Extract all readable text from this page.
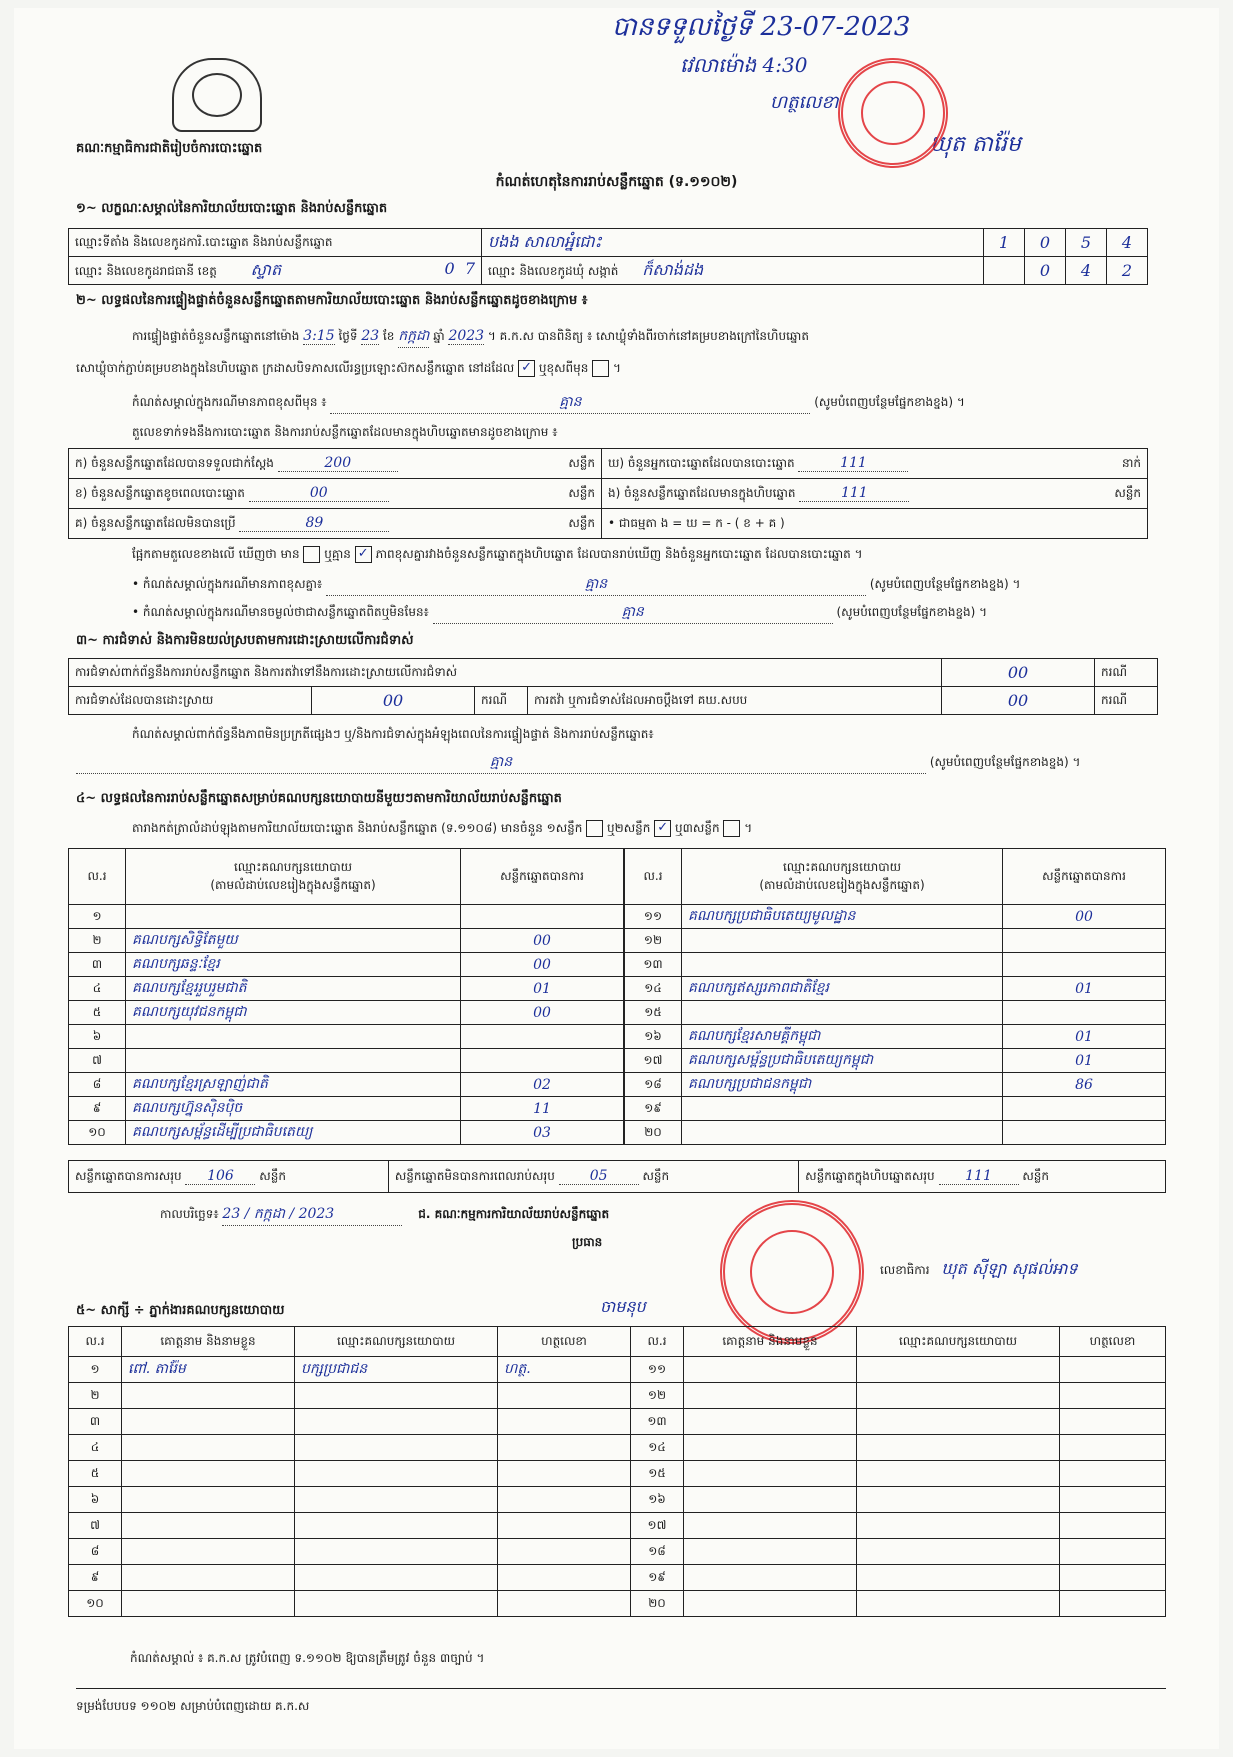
បានទទួលថ្ងៃទី 23-07-2023
វេលាម៉ោង 4:30
ហត្ថលេខា
ឃុត តារ៉ែម
គណៈកម្មាធិការជាតិរៀបចំការបោះឆ្នោត
កំណត់ហេតុនៃការរាប់សន្លឹកឆ្នោត (ទ.១១០២)
១~ លក្ខណៈសម្គាល់នៃការិយាល័យបោះឆ្នោត និងរាប់សន្លឹកឆ្នោត
ឈ្មោះទីតាំង និងលេខកូដការិ.បោះឆ្នោត និងរាប់សន្លឹកឆ្នោត	បងង សាលាអ្នំជោះ	1	0	5	4
ឈ្មោះ និងលេខកូដរាជធានី ខេត្ត ស្ទាត 0 7	ឈ្មោះ និងលេខកូដឃុំ សង្កាត់ ក៏សាង់ដង		0	4	2
២~ លទ្ធផលនៃការផ្ទៀងផ្ទាត់ចំនួនសន្លឹកឆ្នោតតាមការិយាល័យបោះឆ្នោត និងរាប់សន្លឹកឆ្នោតដូចខាងក្រោម ៖
ការផ្ទៀងផ្ទាត់ចំនួនសន្លឹកឆ្នោតនៅម៉ោង 3:15 ថ្ងៃទី 23 ខែ កក្កដា ឆ្នាំ 2023 ។ គ.ក.ស បានពិនិត្យ ៖ សោឃ្លុំទាំងពីរចាក់នៅគម្របខាងក្រៅនៃហិបឆ្នោត
សោឃ្លុំចាក់ភ្ជាប់គម្របខាងក្នុងនៃហិបឆ្នោត ក្រដាសបិទភាសលើរន្ធប្រឡោះស៊កសន្លឹកឆ្នោត នៅដដែល ✓ ឬខុសពីមុន ។
កំណត់សម្គាល់ក្នុងករណីមានភាពខុសពីមុន ៖	គ្មាន	(សូមបំពេញបន្ថែមផ្នែកខាងខ្នង) ។
តួលេខទាក់ទងនឹងការបោះឆ្នោត និងការរាប់សន្លឹកឆ្នោតដែលមានក្នុងហិបឆ្នោតមានដូចខាងក្រោម ៖
ក) ចំនួនសន្លឹកឆ្នោតដែលបានទទួលជាក់ស្តែង 200 សន្លឹក	ឃ) ចំនួនអ្នកបោះឆ្នោតដែលបានបោះឆ្នោត 111 នាក់

ខ) ចំនួនសន្លឹកឆ្នោតខូចពេលបោះឆ្នោត 00 សន្លឹក	ង) ចំនួនសន្លឹកឆ្នោតដែលមានក្នុងហិបឆ្នោត 111 សន្លឹក

គ) ចំនួនសន្លឹកឆ្នោតដែលមិនបានប្រើ 89 សន្លឹក	• ជាធម្មតា ង = ឃ = ក - ( ខ + គ )
ផ្អែកតាមតួលេខខាងលើ ឃើញថា មាន ឬគ្មាន ✓ ភាពខុសគ្នារវាងចំនួនសន្លឹកឆ្នោតក្នុងហិបឆ្នោត ដែលបានរាប់ឃើញ និងចំនួនអ្នកបោះឆ្នោត ដែលបានបោះឆ្នោត ។
• កំណត់សម្គាល់ក្នុងករណីមានភាពខុសគ្នា៖	គ្មាន	(សូមបំពេញបន្ថែមផ្នែកខាងខ្នង) ។
• កំណត់សម្គាល់ក្នុងករណីមានចម្ងល់ថាជាសន្លឹកឆ្នោតពិតឬមិនមែន៖	គ្មាន	(សូមបំពេញបន្ថែមផ្នែកខាងខ្នង) ។
៣~ ការជំទាស់ និងការមិនយល់ស្របតាមការដោះស្រាយលើការជំទាស់
ការជំទាស់ពាក់ព័ន្ធនឹងការរាប់សន្លឹកឆ្នោត និងការតវ៉ាទៅនឹងការដោះស្រាយលើការជំទាស់				00	ករណី
ការជំទាស់ដែលបានដោះស្រាយ	00	ករណី	ការតវ៉ា ឬការជំទាស់ដែលអាចប្តឹងទៅ គឃ.សបប	00	ករណី
កំណត់សម្គាល់ពាក់ព័ន្ធនឹងភាពមិនប្រក្រតីផ្សេងៗ ឬ/និងការជំទាស់ក្នុងអំឡុងពេលនៃការផ្ទៀងផ្ទាត់ និងការរាប់សន្លឹកឆ្នោត៖
គ្មាន	(សូមបំពេញបន្ថែមផ្នែកខាងខ្នង) ។
៤~ លទ្ធផលនៃការរាប់សន្លឹកឆ្នោតសម្រាប់គណបក្សនយោបាយនីមួយៗតាមការិយាល័យរាប់សន្លឹកឆ្នោត
តារាងកត់ត្រាលំដាប់ឡុងតាមការិយាល័យបោះឆ្នោត និងរាប់សន្លឹកឆ្នោត (ទ.១១០៨) មានចំនួន ១សន្លឹក ឬ២សន្លឹក ✓ ឬ៣សន្លឹក ។
ល.រ	ឈ្មោះគណបក្សនយោបាយ
(តាមលំដាប់លេខរៀងក្នុងសន្លឹកឆ្នោត)	សន្លឹកឆ្នោតបានការ
១		
២	គណបក្សសិទ្ធិតែមួយ	00
៣	គណបក្សឆន្ទៈខ្មែរ	00
៤	គណបក្សខ្មែររួបរួមជាតិ	01
៥	គណបក្សយុវជនកម្ពុជា	00
៦		
៧		
៨	គណបក្សខ្មែរស្រឡាញ់ជាតិ	02
៩	គណបក្សហ្វ៊ុនស៊ិនប៉ិច	11
១០	គណបក្សសម្ព័ន្ធដើម្បីប្រជាធិបតេយ្យ	03
ល.រ	ឈ្មោះគណបក្សនយោបាយ
(តាមលំដាប់លេខរៀងក្នុងសន្លឹកឆ្នោត)	សន្លឹកឆ្នោតបានការ
១១	គណបក្សប្រជាធិបតេយ្យមូលដ្ឋាន	00
១២		
១៣		
១៤	គណបក្សឥស្សរភាពជាតិខ្មែរ	01
១៥		
១៦	គណបក្សខ្មែរសាមគ្គីកម្ពុជា	01
១៧	គណបក្សសម្ព័ន្ធប្រជាធិបតេយ្យកម្ពុជា	01
១៨	គណបក្សប្រជាជនកម្ពុជា	86
១៩		
២០		
សន្លឹកឆ្នោតបានការសរុប 106 សន្លឹក	សន្លឹកឆ្នោតមិនបានការពេលរាប់សរុប 05	សន្លឹក	សន្លឹកឆ្នោតក្នុងហិបឆ្នោតសរុប 111	សន្លឹក
កាលបរិច្ឆេទ៖ 23 / កក្កដា / 2023	ជ. គណៈកម្មការការិយាល័យរាប់សន្លឹកឆ្នោត
ប្រធាន
លេខាធិការ ឃុត ស៊ីឡា សុផល់អាទ
ចាមនុប
៥~ សាក្សី ÷ ភ្នាក់ងារគណបក្សនយោបាយ
ល.រ	គោត្តនាម និងនាមខ្លួន	ឈ្មោះគណបក្សនយោបាយ	ហត្ថលេខា	ល.រ	គោត្តនាម និងនាមខ្លួន	ឈ្មោះគណបក្សនយោបាយ	ហត្ថលេខា
១	ពៅ. តារ៉ែម	បក្សប្រជាជន	ហត្ថ.	១១			
២				១២			
៣				១៣			
៤				១៤			
៥				១៥			
៦				១៦			
៧				១៧			
៨				១៨			
៩				១៩			
១០				២០			
កំណត់សម្គាល់ ៖ គ.ក.ស ត្រូវបំពេញ ទ.១១០២ ឱ្យបានត្រឹមត្រូវ ចំនួន ៣ច្បាប់ ។
ទម្រង់បែបបទ ១១០២ សម្រាប់បំពេញដោយ គ.ក.ស
